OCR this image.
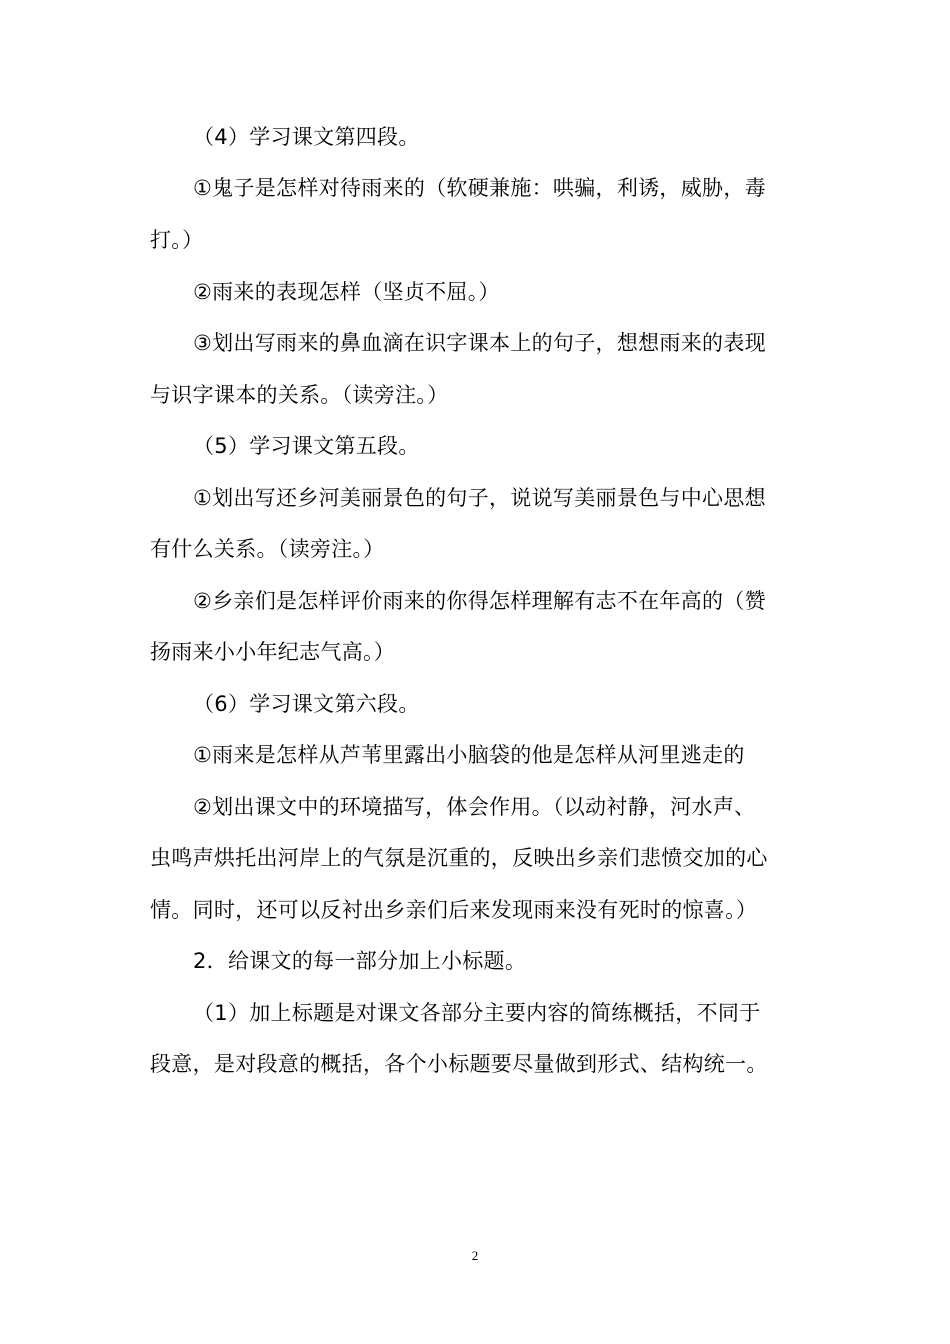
（4）学习课文第四段。
①鬼子是怎样对待雨来的（软硬兼施：哄骗，利诱，威胁，毒
打。）
②雨来的表现怎样（坚贞不屈。）
③划出写雨来的鼻血滴在识字课本上的句子，想想雨来的表现
与识字课本的关系。（读旁注。）
（5）学习课文第五段。
①划出写还乡河美丽景色的句子，说说写美丽景色与中心思想
有什么关系。（读旁注。）
②乡亲们是怎样评价雨来的你得怎样理解有志不在年高的（赞
扬雨来小小年纪志气高。）
（6）学习课文第六段。
①雨来是怎样从芦苇里露出小脑袋的他是怎样从河里逃走的
②划出课文中的环境描写，体会作用。（以动衬静，河水声、
虫鸣声烘托出河岸上的气氛是沉重的，反映出乡亲们悲愤交加的心
情。同时，还可以反衬出乡亲们后来发现雨来没有死时的惊喜。）
2．给课文的每一部分加上小标题。
（1）加上标题是对课文各部分主要内容的简练概括，不同于
段意，是对段意的概括，各个小标题要尽量做到形式、结构统一。
2
